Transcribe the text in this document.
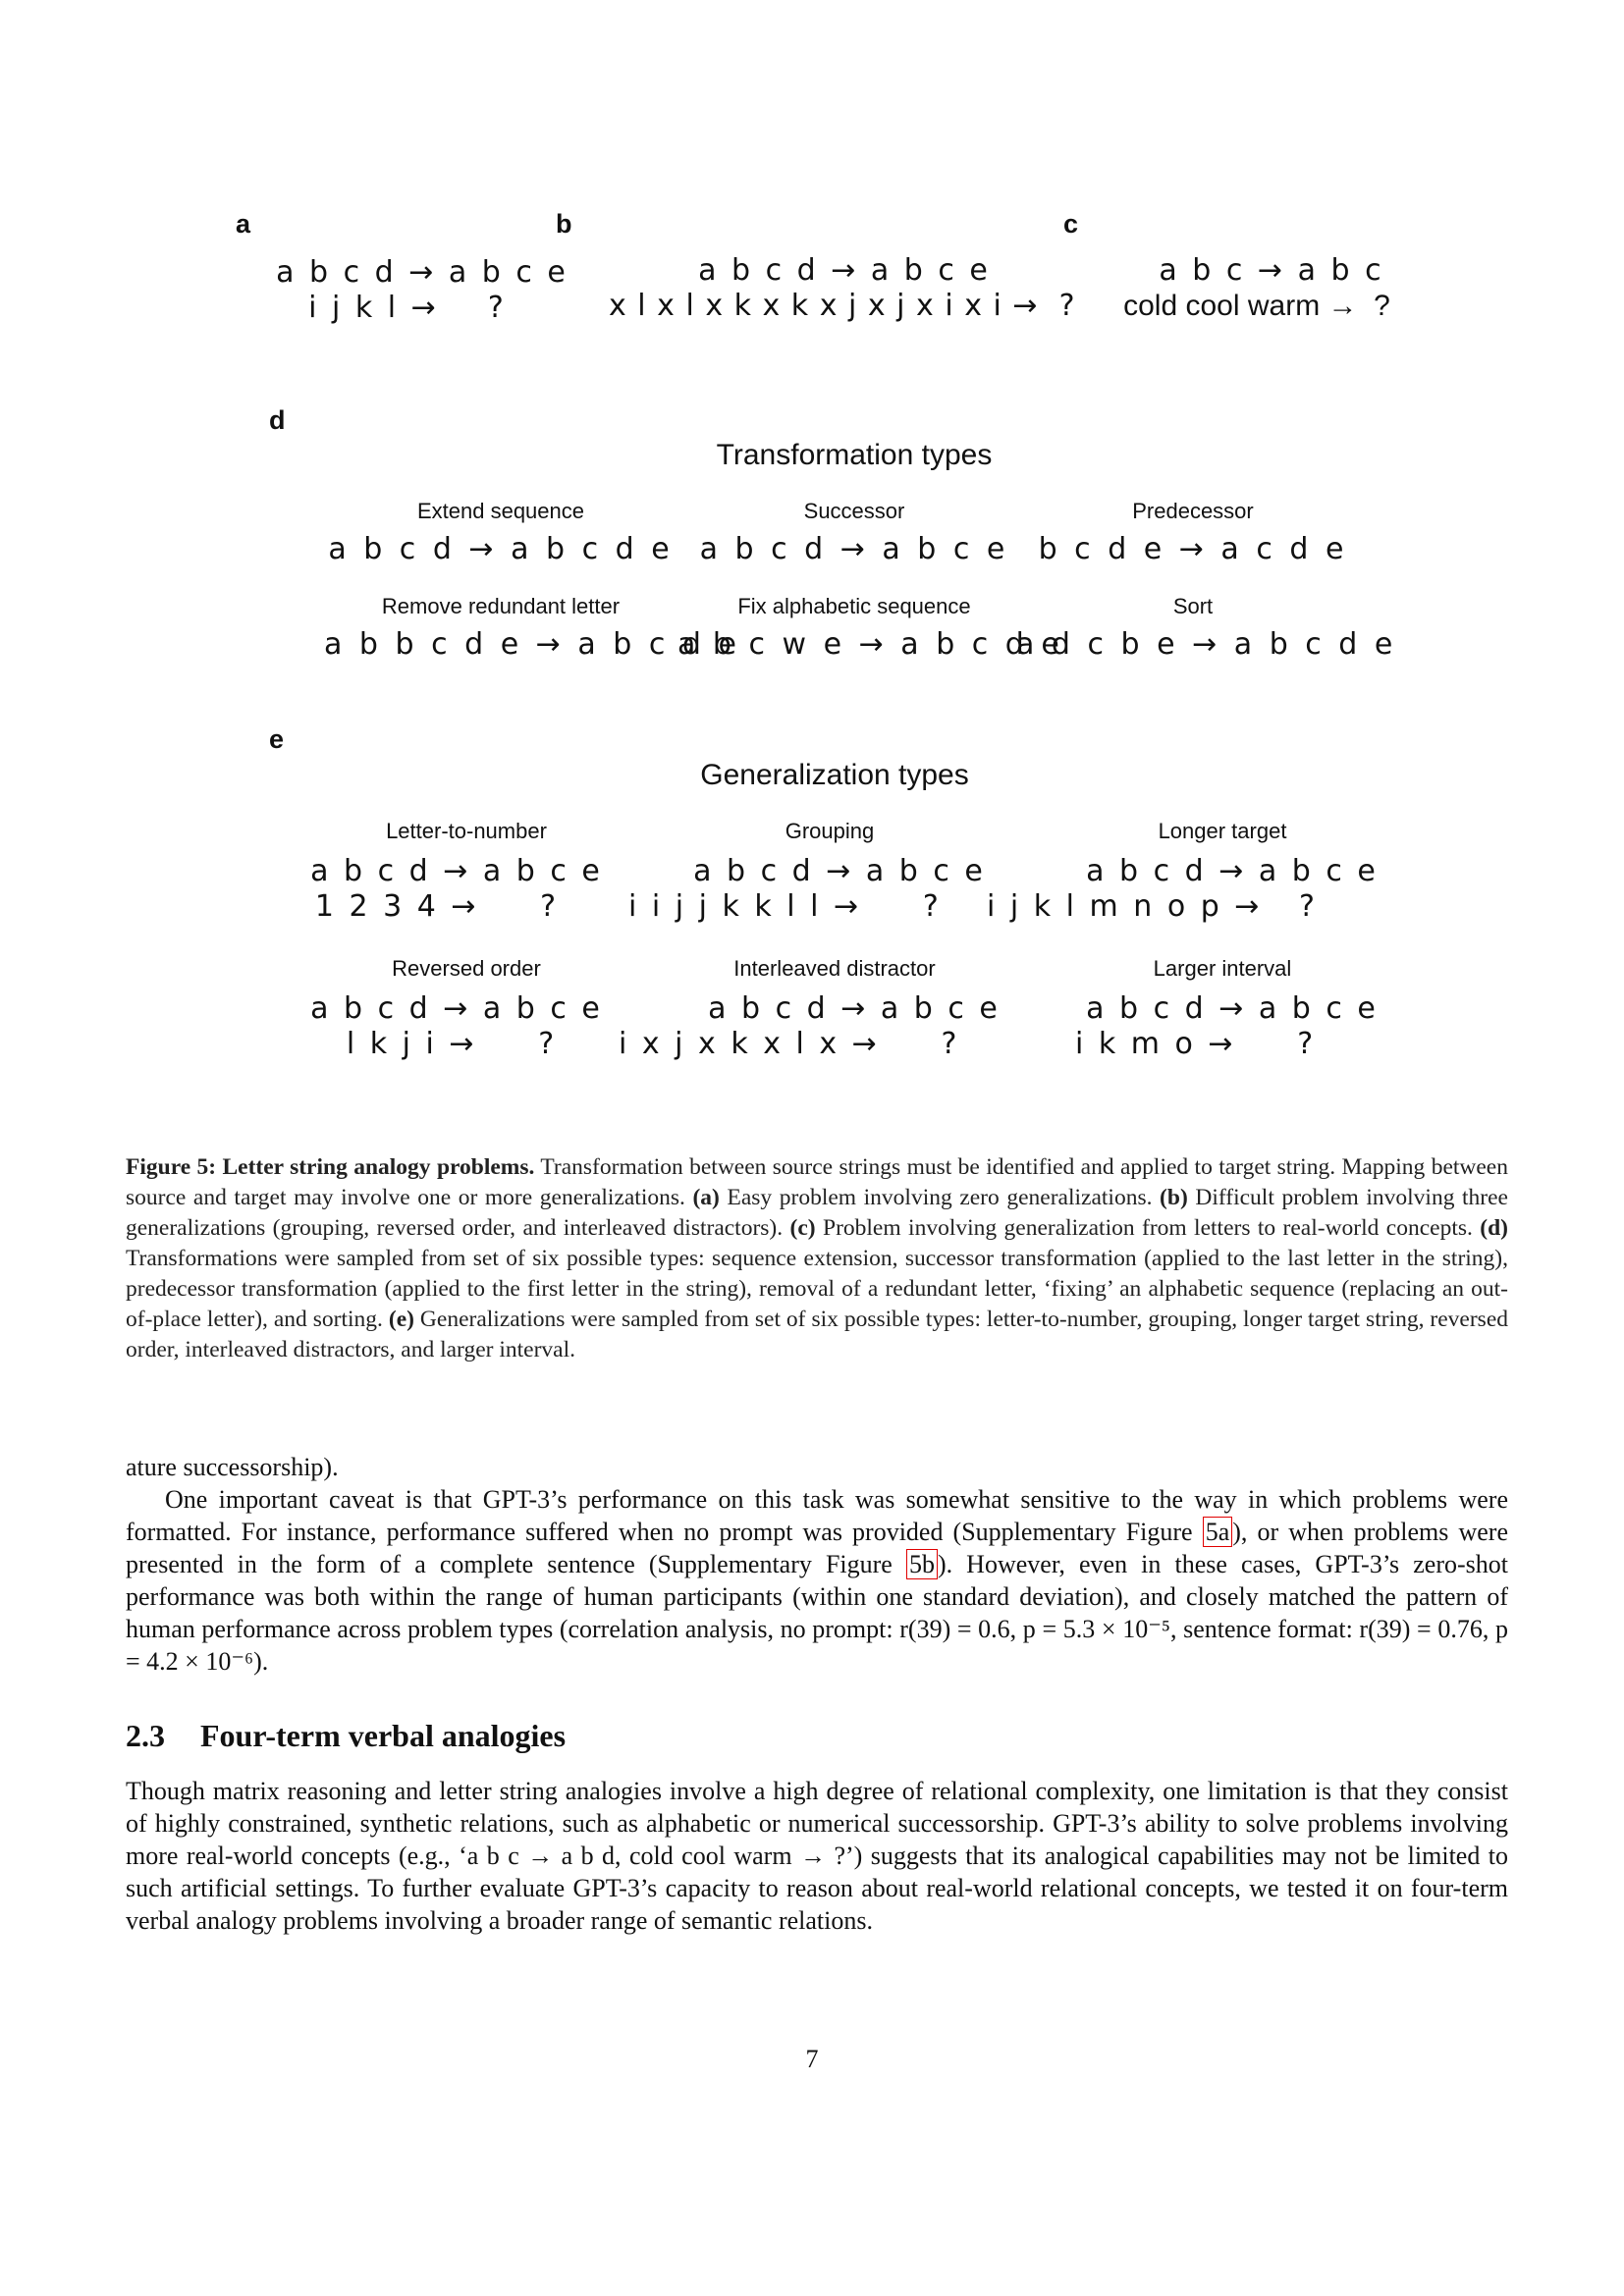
a
a b c d → a b c e
i j k l →    ?
b
a b c d → a b c e
x l x l x k x k x j x j x i x i →  ?
c
a b c → a b c
cold cool warm →  ?
d
Transformation types
Extend sequence
a b c d → a b c d e
Successor
a b c d → a b c e
Predecessor
b c d e → a c d e
Remove redundant letter
a b b c d e → a b c d e
Fix alphabetic sequence
a b c w e → a b c d e
Sort
a d c b e → a b c d e
e
Generalization types
Letter-to-number
a b c d → a b c e
1 2 3 4 →     ?
Grouping
a b c d → a b c e
i i j j k k l l →     ?
Longer target
a b c d → a b c e
i j k l m n o p →   ?
Reversed order
a b c d → a b c e
l k j i →     ?
Interleaved distractor
a b c d → a b c e
i x j x k x l x →     ?
Larger interval
a b c d → a b c e
i k m o →     ?
Figure 5: Letter string analogy problems. Transformation between source strings must be identified and applied to target string. Mapping between source and target may involve one or more generalizations. (a) Easy problem involving zero generalizations. (b) Difficult problem involving three generalizations (grouping, reversed order, and interleaved distractors). (c) Problem involving generalization from letters to real-world concepts. (d) Transformations were sampled from set of six possible types: sequence extension, successor transformation (applied to the last letter in the string), predecessor transformation (applied to the first letter in the string), removal of a redundant letter, ‘fixing’ an alphabetic sequence (replacing an out-of-place letter), and sorting. (e) Generalizations were sampled from set of six possible types: letter-to-number, grouping, longer target string, reversed order, interleaved distractors, and larger interval.
ature successorship).
One important caveat is that GPT-3’s performance on this task was somewhat sensitive to the way in which problems were formatted. For instance, performance suffered when no prompt was provided (Supplementary Figure 5a ), or when problems were presented in the form of a complete sentence (Supplementary Figure 5b ). However, even in these cases, GPT-3’s zero-shot performance was both within the range of human participants (within one standard deviation), and closely matched the pattern of human performance across problem types (correlation analysis, no prompt: r(39) = 0.6, p = 5.3 × 10⁻⁵, sentence format: r(39) = 0.76, p = 4.2 × 10⁻⁶).
2.3 Four-term verbal analogies
Though matrix reasoning and letter string analogies involve a high degree of relational complexity, one limitation is that they consist of highly constrained, synthetic relations, such as alphabetic or numerical successorship. GPT-3’s ability to solve problems involving more real-world concepts (e.g., ‘a b c → a b d, cold cool warm → ?’) suggests that its analogical capabilities may not be limited to such artificial settings. To further evaluate GPT-3’s capacity to reason about real-world relational concepts, we tested it on four-term verbal analogy problems involving a broader range of semantic relations.
7
